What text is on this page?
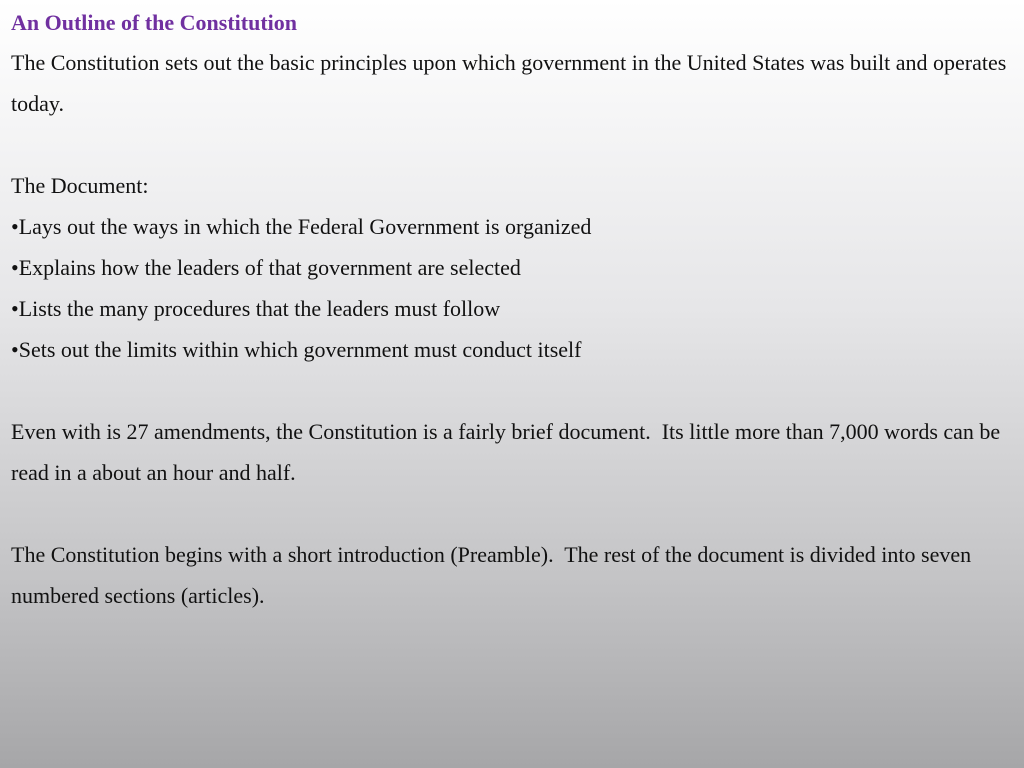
An Outline of the Constitution

The Constitution sets out the basic principles upon which government in the United States was built and operates today.

The Document:

•Lays out the ways in which the Federal Government is organized
•Explains how the leaders of that government are selected
•Lists the many procedures that the leaders must follow
•Sets out the limits within which government must conduct itself

Even with is 27 amendments, the Constitution is a fairly brief document.  Its little more than 7,000 words can be read in a about an hour and half.

The Constitution begins with a short introduction (Preamble).  The rest of the document is divided into seven numbered sections (articles).
